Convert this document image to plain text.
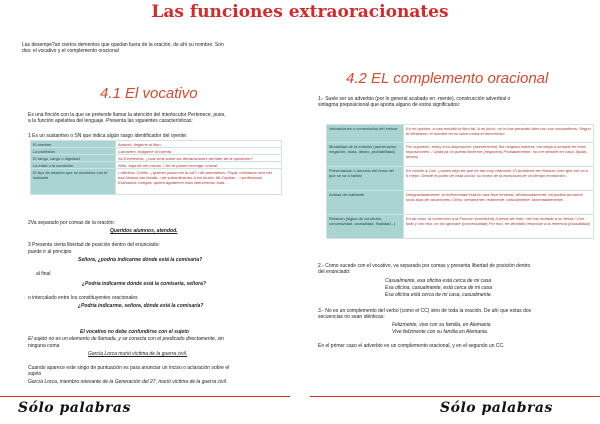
Las funciones extraoracionates
Las desempe?an ciertos dementos que quedan fuera de la oración, de ahí su nombre. Son
dos: el vocativo y el complemento oracional
4.1 El vocativo
Es una finción con la que se pretende llamar la atención del interlocutor Pertenece, pues,
a la función apelativa del lenguaje. Presenta las siguientes características:
1 Es un sustantivo o SN que indica algún rasgo identificador del oyente:
El nombre	Antonio, ilégame al libro.
La profesión	Camarero, tráigame la cuenta.
El rango, cargo o dignidad	Su Excelencia, ¿cuál será sobre las declaraciones del líder de la oposición?
La edad o la condición	Niño, baja de ahí mismo. / No te pases conmigo, chaval.
El tipo de relación que se mantiene con el hablante	• afectiva: Cariño, ¿quieres pasar me la sal? • de parentesco: Papá, cuéntame otra vez esa historia tan bonita. • de subordinación a los títulos: Mi Capitán... • profesional: Estimados colegas, quiero agradecer esta intervención toda...
2Va separado por comas de la oración:
Queridos alumnos, atendod.
3 Presenta cierta libertad de posición dentro del enunciado:
puede ir al principio
Señora, ¿podría indicarme dónde está la comisaria?
al final
¿Podría indicarme dónde está la comisaría, señora?
o intercalado entre los constituyentes oracionales
¿Podría indicarme, señora, dónde está la comisaría?
El vocativo no debe confundirse con el sujeto
El sujeto no es un elemento de llamada, y se conecta con el predicado directamente, sin
ninguna coma
García Lorca murió víctima de la guerra civil.
Cuando aparece este singo de puntuación es para anunciar un inciso o aclaración sobre el
sujeto
García Lorca, miembro relevante de la Generación del 27, murió víctima de la guerra civil.
4.2 EL complemento oracional
1.- Suele ser un adverbio (por lo general acabado en -mente), construcción adverbial o
sintagma preposicional que aporta alguno de estos significados:
Valoraciones o comentarios del emisor	En mi opinión, a casi estudió lo libro tal. A mi juicio, no lo has pensado bien con sus compañeros. Según el Ministerio, el hombre en su labor usara el humorismo.
Modalidad de la emisión (aseveración, negación, duda, deseo, probabilidad)	Por supuesto, estoy a su disposición. (aseveración) Sin ninguna manera, me niego a aceptar en esas imposiciones. / Ojalá ya no pueda lloverme (negación) Probablemente, no me sentaré en casa. (duda, deseo)
Presentación o anuncio del tema del que se va a hablar	En cuanto a Luis, ¿sabes algo de que es tan muy charmillo. El problema de Historia, creo que me va a ir mejor. Desde el punto de vista social, su motor de la estructura de un tiempo económico.
Actitud del hablante	Desgraciadamente, la enfermedad está en una fase terminal. Afortunadamente, ha podido tomarme unas días de vacaciones. Otros: seriamente, realmente, naturalmente, lamentablemente...
Relación (lógica de condición, concesividad, causalidad, finalidad...)	En tal caso, la corrección a la Función (condición) A pesar de todo, me han invitado a su fiesta / Con todo y con eso, no los ignoraré (concesividad) Por eso, he decidido renunciar a la herencia (causalidad)
2.- Como sucede con el vocativo, va separado por comas y presenta libertad de posición dentro
del enunciado:
Casualmente, esa oficina está cerca de mi casa
Esa oficina, casualmente, está cerca de mi casa
Esa oficina está cerca de mi casa, casualmente.
3.- No es un complemento del verbo (como el CC) sino de toda la oración. De ahí que estas dos
secuencias no sean idénticas:
Felizmente, vive con su familia, en Alemania
Vive felizmente con su familia en Alemania.
En el primer caso el adverbio es un complemento oracional, y en el segundo un CC.
Sólo palabras	Sólo palabras
